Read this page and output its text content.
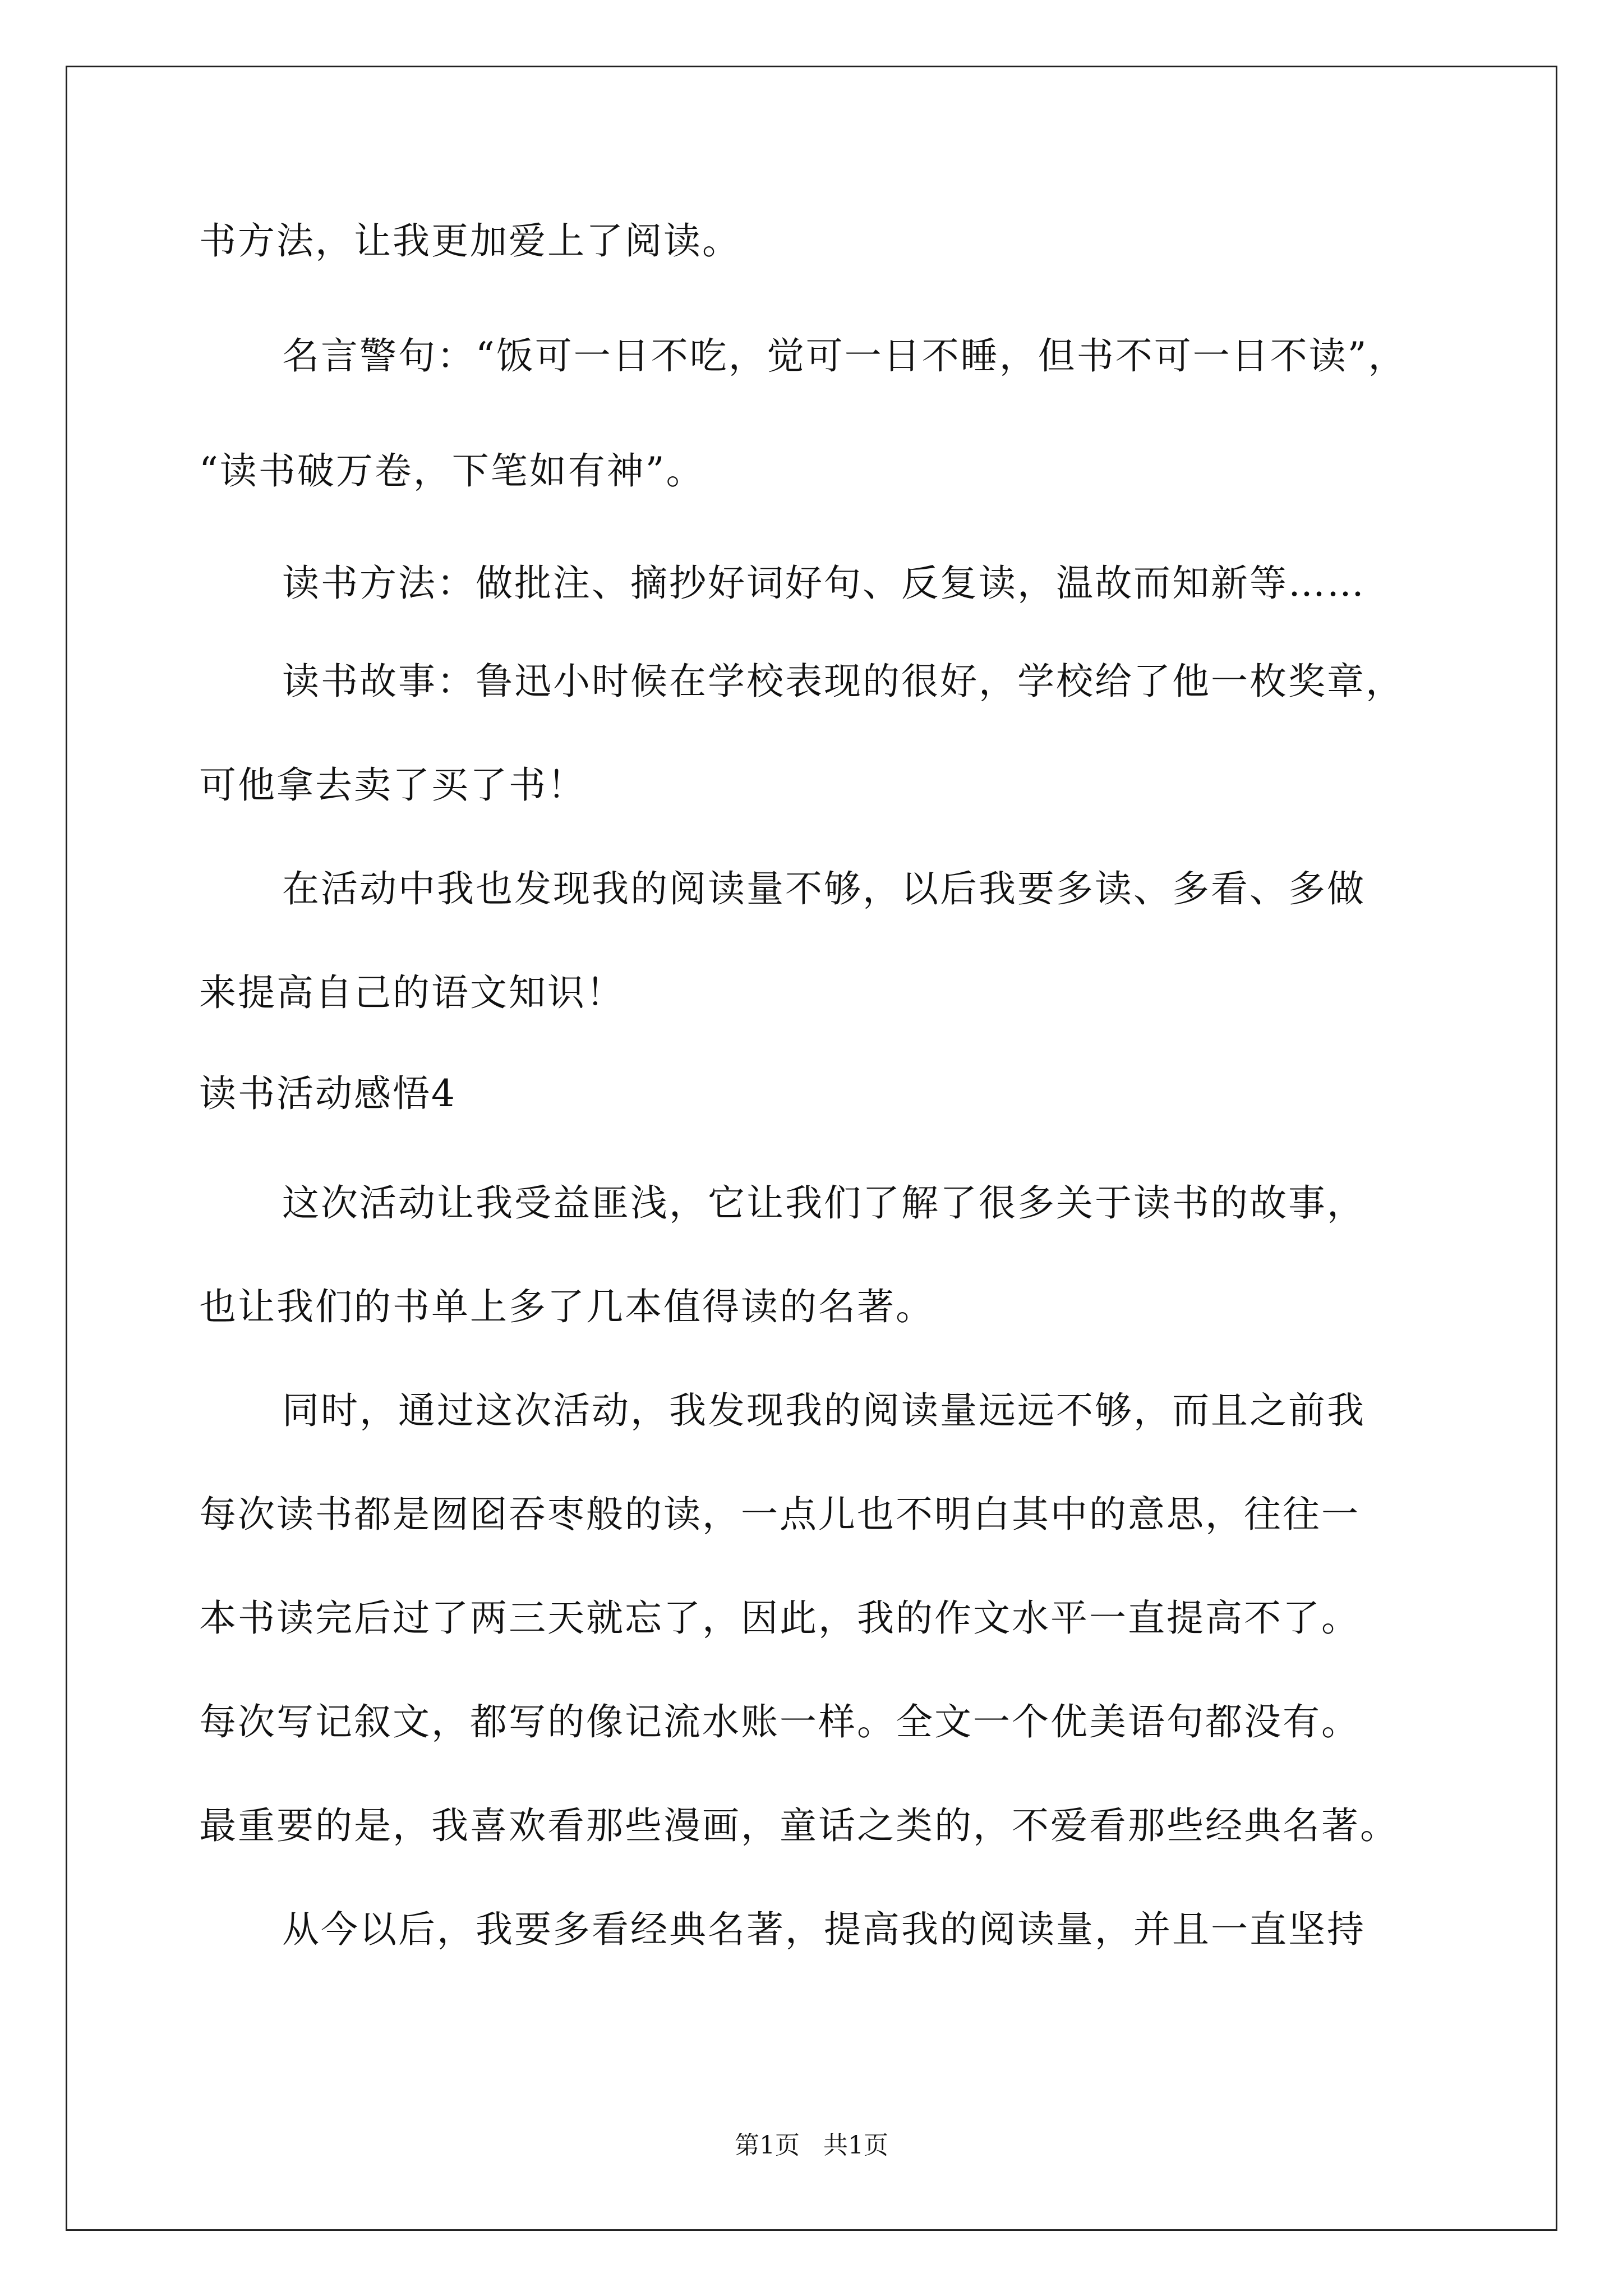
书方法，让我更加爱上了阅读。
名言警句：“饭可一日不吃，觉可一日不睡，但书不可一日不读”，
“读书破万卷，下笔如有神”。
读书方法：做批注、摘抄好词好句、反复读，温故而知新等……
读书故事：鲁迅小时候在学校表现的很好，学校给了他一枚奖章，
可他拿去卖了买了书！
在活动中我也发现我的阅读量不够，以后我要多读、多看、多做
来提高自己的语文知识！
读书活动感悟4
这次活动让我受益匪浅，它让我们了解了很多关于读书的故事，
也让我们的书单上多了几本值得读的名著。
同时，通过这次活动，我发现我的阅读量远远不够，而且之前我
每次读书都是囫囵吞枣般的读，一点儿也不明白其中的意思，往往一
本书读完后过了两三天就忘了，因此，我的作文水平一直提高不了。
每次写记叙文，都写的像记流水账一样。全文一个优美语句都没有。
最重要的是，我喜欢看那些漫画，童话之类的，不爱看那些经典名著。
从今以后，我要多看经典名著，提高我的阅读量，并且一直坚持
第1页   共1页
